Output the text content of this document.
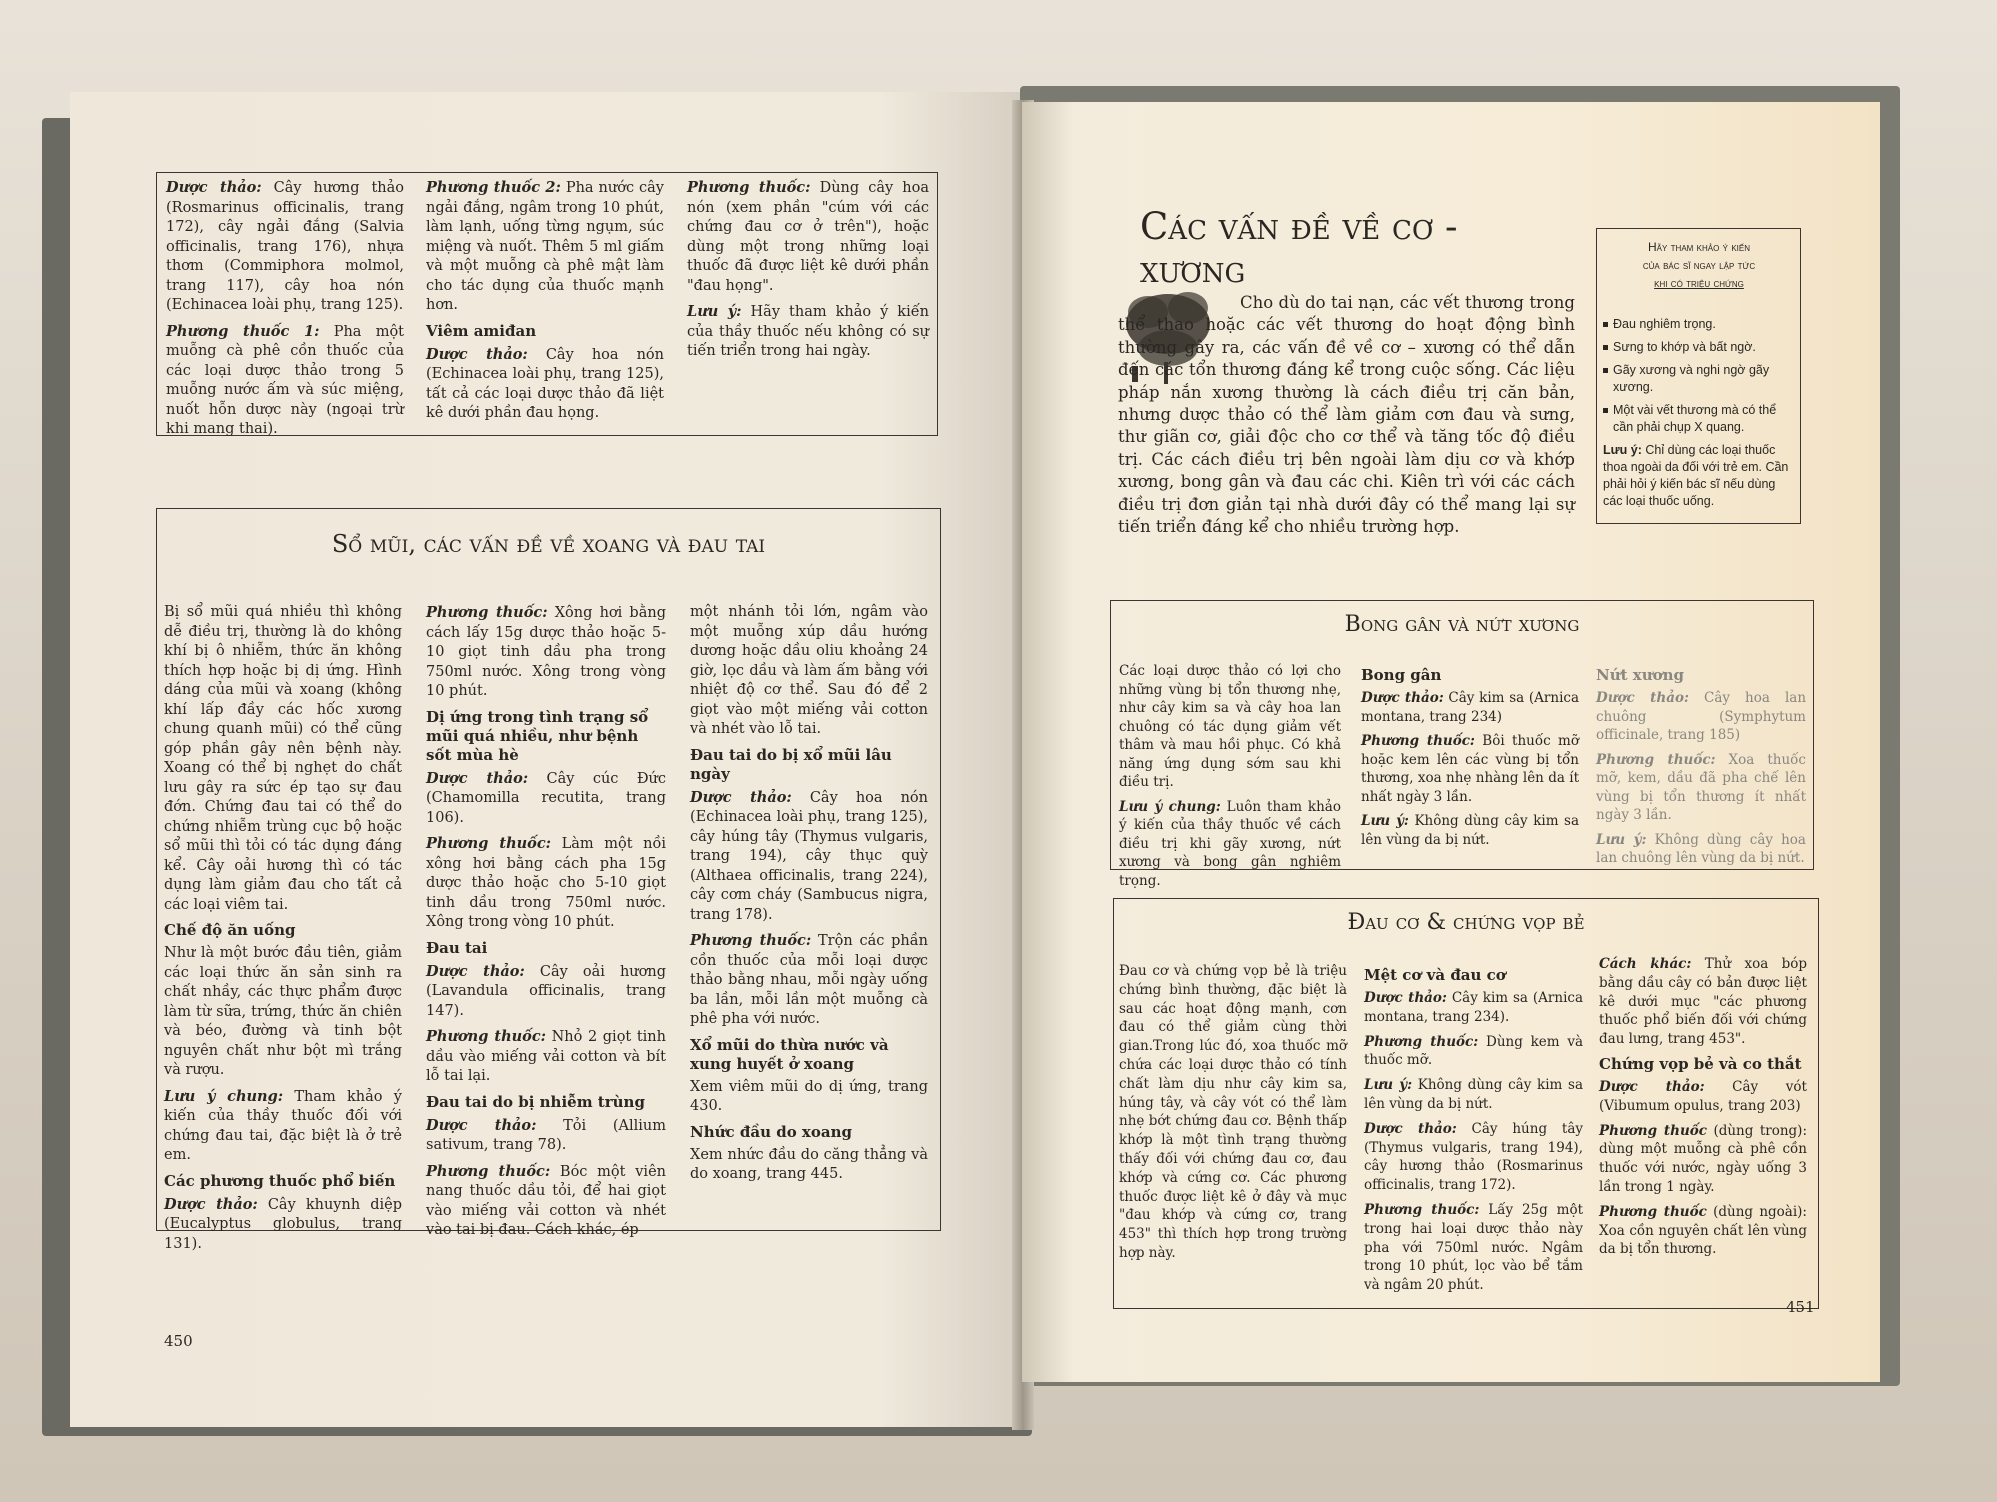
Dược thảo: Cây hương thảo (Rosmarinus officinalis, trang 172), cây ngải đắng (Salvia officinalis, trang 176), nhựa thơm (Commiphora molmol, trang 117), cây hoa nón (Echinacea loài phụ, trang 125).

Phương thuốc 1: Pha một muỗng cà phê cồn thuốc của các loại dược thảo trong 5 muỗng nước ấm và súc miệng, nuốt hỗn dược này (ngoại trừ khi mang thai).

Phương thuốc 2: Pha nước cây ngải đắng, ngâm trong 10 phút, làm lạnh, uống từng ngụm, súc miệng và nuốt. Thêm 5 ml giấm và một muỗng cà phê mật làm cho tác dụng của thuốc mạnh hơn.

Viêm amiđan

Dược thảo: Cây hoa nón (Echinacea loài phụ, trang 125), tất cả các loại dược thảo đã liệt kê dưới phần đau họng.

Phương thuốc: Dùng cây hoa nón (xem phần "cúm với các chứng đau cơ ở trên"), hoặc dùng một trong những loại thuốc đã được liệt kê dưới phần "đau họng".

Lưu ý: Hãy tham khảo ý kiến của thầy thuốc nếu không có sự tiến triển trong hai ngày.

Sổ mũi, các vấn đề về xoang và đau tai

Bị sổ mũi quá nhiều thì không dễ điều trị, thường là do không khí bị ô nhiễm, thức ăn không thích hợp hoặc bị dị ứng. Hình dáng của mũi và xoang (không khí lấp đầy các hốc xương chung quanh mũi) có thể cũng góp phần gây nên bệnh này. Xoang có thể bị nghẹt do chất lưu gây ra sức ép tạo sự đau đớn. Chứng đau tai có thể do chứng nhiễm trùng cục bộ hoặc sổ mũi thì tỏi có tác dụng đáng kể. Cây oải hương thì có tác dụng làm giảm đau cho tất cả các loại viêm tai.

Chế độ ăn uống

Như là một bước đầu tiên, giảm các loại thức ăn sản sinh ra chất nhầy, các thực phẩm được làm từ sữa, trứng, thức ăn chiên và béo, đường và tinh bột nguyên chất như bột mì trắng và rượu.

Lưu ý chung: Tham khảo ý kiến của thầy thuốc đối với chứng đau tai, đặc biệt là ở trẻ em.

Các phương thuốc phổ biến

Dược thảo: Cây khuynh diệp (Eucalyptus globulus, trang 131).

Phương thuốc: Xông hơi bằng cách lấy 15g dược thảo hoặc 5-10 giọt tinh dầu pha trong 750ml nước. Xông trong vòng 10 phút.

Dị ứng trong tình trạng sổ mũi quá nhiều, như bệnh sốt mùa hè

Dược thảo: Cây cúc Đức (Chamomilla recutita, trang 106).

Phương thuốc: Làm một nồi xông hơi bằng cách pha 15g dược thảo hoặc cho 5-10 giọt tinh dầu trong 750ml nước. Xông trong vòng 10 phút.

Đau tai

Dược thảo: Cây oải hương (Lavandula officinalis, trang 147).

Phương thuốc: Nhỏ 2 giọt tinh dầu vào miếng vải cotton và bít lỗ tai lại.

Đau tai do bị nhiễm trùng

Dược thảo: Tỏi (Allium sativum, trang 78).

Phương thuốc: Bóc một viên nang thuốc dầu tỏi, để hai giọt vào miếng vải cotton và nhét vào tai bị đau. Cách khác, ép

một nhánh tỏi lớn, ngâm vào một muỗng xúp dầu hướng dương hoặc dầu oliu khoảng 24 giờ, lọc dầu và làm ấm bằng với nhiệt độ cơ thể. Sau đó để 2 giọt vào một miếng vải cotton và nhét vào lỗ tai.

Đau tai do bị xổ mũi lâu ngày

Dược thảo: Cây hoa nón (Echinacea loài phụ, trang 125), cây húng tây (Thymus vulgaris, trang 194), cây thục quỳ (Althaea officinalis, trang 224), cây cơm cháy (Sambucus nigra, trang 178).

Phương thuốc: Trộn các phần cồn thuốc của mỗi loại dược thảo bằng nhau, mỗi ngày uống ba lần, mỗi lần một muỗng cà phê pha với nước.

Xổ mũi do thừa nước và xung huyết ở xoang

Xem viêm mũi do dị ứng, trang 430.

Nhức đầu do xoang

Xem nhức đầu do căng thẳng và do xoang, trang 445.

450
Các vấn đề về cơ - xương
Cho dù do tai nạn, các vết thương trong thể thao hoặc các vết thương do hoạt động bình thường gây ra, các vấn đề về cơ – xương có thể dẫn đến các tổn thương đáng kể trong cuộc sống. Các liệu pháp nắn xương thường là cách điều trị căn bản, nhưng dược thảo có thể làm giảm cơn đau và sưng, thư giãn cơ, giải độc cho cơ thể và tăng tốc độ điều trị. Các cách điều trị bên ngoài làm dịu cơ và khớp xương, bong gân và đau các chi. Kiên trì với các cách điều trị đơn giản tại nhà dưới đây có thể mang lại sự tiến triển đáng kể cho nhiều trường hợp.
Hãy tham khảo ý kiến
của bác sĩ ngay lập tức
khi có triệu chứng
Đau nghiêm trọng.
Sưng to khớp và bất ngờ.
Gãy xương và nghi ngờ gãy xương.
Một vài vết thương mà có thể cần phải chụp X quang.
Lưu ý: Chỉ dùng các loại thuốc thoa ngoài da đối với trẻ em. Cần phải hỏi ý kiến bác sĩ nếu dùng các loại thuốc uống.
Bong gân và nứt xương

Các loại dược thảo có lợi cho những vùng bị tổn thương nhẹ, như cây kim sa và cây hoa lan chuông có tác dụng giảm vết thâm và mau hồi phục. Có khả năng ứng dụng sớm sau khi điều trị.

Lưu ý chung: Luôn tham khảo ý kiến của thầy thuốc về cách điều trị khi gãy xương, nứt xương và bong gân nghiêm trọng.

Bong gân

Dược thảo: Cây kim sa (Arnica montana, trang 234)

Phương thuốc: Bôi thuốc mỡ hoặc kem lên các vùng bị tổn thương, xoa nhẹ nhàng lên da ít nhất ngày 3 lần.

Lưu ý: Không dùng cây kim sa lên vùng da bị nứt.

Nứt xương

Dược thảo: Cây hoa lan chuông (Symphytum officinale, trang 185)

Phương thuốc: Xoa thuốc mỡ, kem, dầu đã pha chế lên vùng bị tổn thương ít nhất ngày 3 lần.

Lưu ý: Không dùng cây hoa lan chuông lên vùng da bị nứt.

Đau cơ & chứng vọp bẻ

Đau cơ và chứng vọp bẻ là triệu chứng bình thường, đặc biệt là sau các hoạt động mạnh, cơn đau có thể giảm cùng thời gian.Trong lúc đó, xoa thuốc mỡ chứa các loại dược thảo có tính chất làm dịu như cây kim sa, húng tây, và cây vót có thể làm nhẹ bớt chứng đau cơ. Bệnh thấp khớp là một tình trạng thường thấy đối với chứng đau cơ, đau khớp và cứng cơ. Các phương thuốc được liệt kê ở đây và mục "đau khớp và cứng cơ, trang 453" thì thích hợp trong trường hợp này.

Mệt cơ và đau cơ

Dược thảo: Cây kim sa (Arnica montana, trang 234).

Phương thuốc: Dùng kem và thuốc mỡ.

Lưu ý: Không dùng cây kim sa lên vùng da bị nứt.

Dược thảo: Cây húng tây (Thymus vulgaris, trang 194), cây hương thảo (Rosmarinus officinalis, trang 172).

Phương thuốc: Lấy 25g một trong hai loại dược thảo này pha với 750ml nước. Ngâm trong 10 phút, lọc vào bể tắm và ngâm 20 phút.

Cách khác: Thử xoa bóp bằng dầu cây có bản được liệt kê dưới mục "các phương thuốc phổ biến đối với chứng đau lưng, trang 453".

Chứng vọp bẻ và co thắt

Dược thảo: Cây vót (Vibumum opulus, trang 203)

Phương thuốc (dùng trong): dùng một muỗng cà phê cồn thuốc với nước, ngày uống 3 lần trong 1 ngày.

Phương thuốc (dùng ngoài): Xoa cồn nguyên chất lên vùng da bị tổn thương.

451
